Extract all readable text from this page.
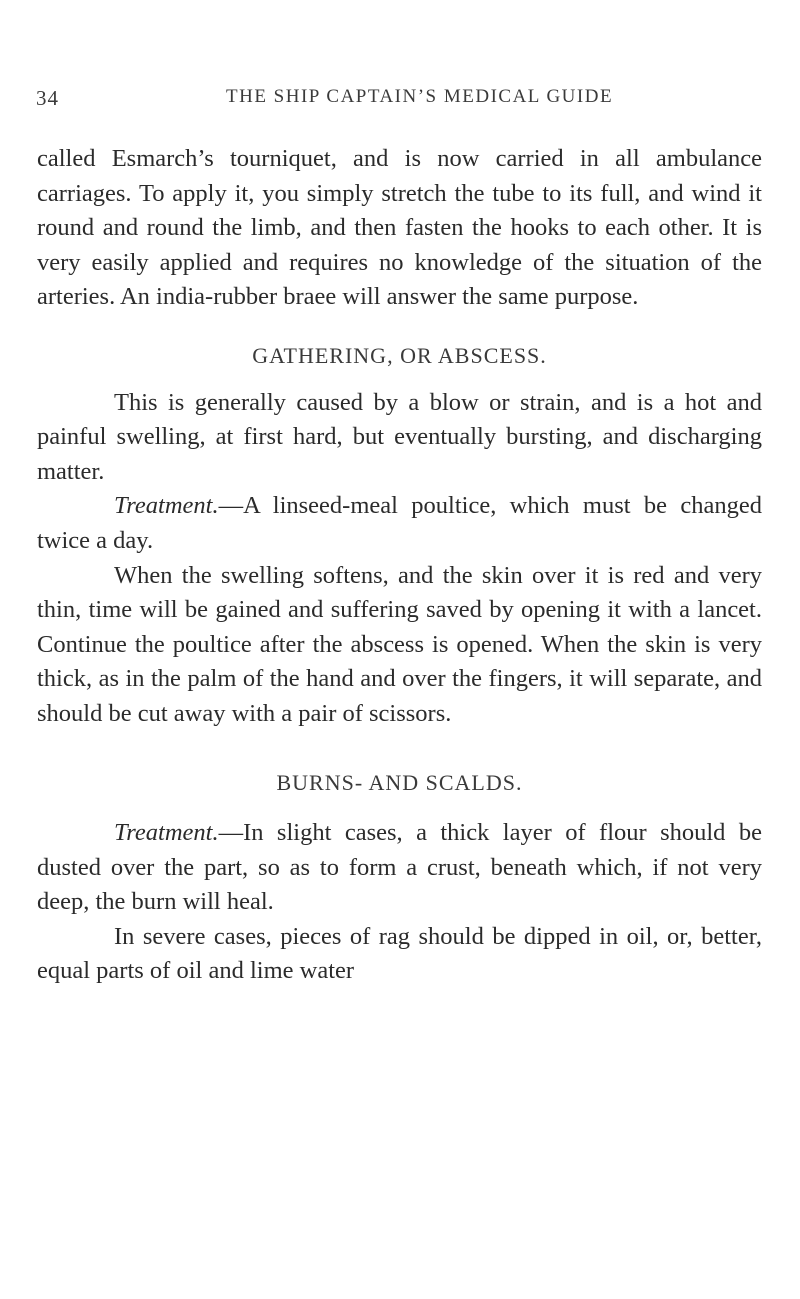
34	THE SHIP CAPTAIN’S MEDICAL GUIDE

called Esmarch’s tourniquet, and is now carried in all ambulance carriages. To apply it, you simply stretch the tube to its full, and wind it round and round the limb, and then fasten the hooks to each other. It is very easily applied and requires no knowledge of the situation of the arteries. An india-rubber braee will answer the same purpose.

GATHERING, OR ABSCESS.

This is generally caused by a blow or strain, and is a hot and painful swelling, at first hard, but eventually bursting, and discharging matter.

Treatment.—A linseed-meal poultice, which must be changed twice a day.

When the swelling softens, and the skin over it is red and very thin, time will be gained and suffering saved by opening it with a lancet. Continue the poultice after the abscess is opened. When the skin is very thick, as in the palm of the hand and over the fingers, it will separate, and should be cut away with a pair of scissors.

BURNS- AND SCALDS.

Treatment.—In slight cases, a thick layer of flour should be dusted over the part, so as to form a crust, beneath which, if not very deep, the burn will heal.

In severe cases, pieces of rag should be dipped in oil, or, better, equal parts of oil and lime water
